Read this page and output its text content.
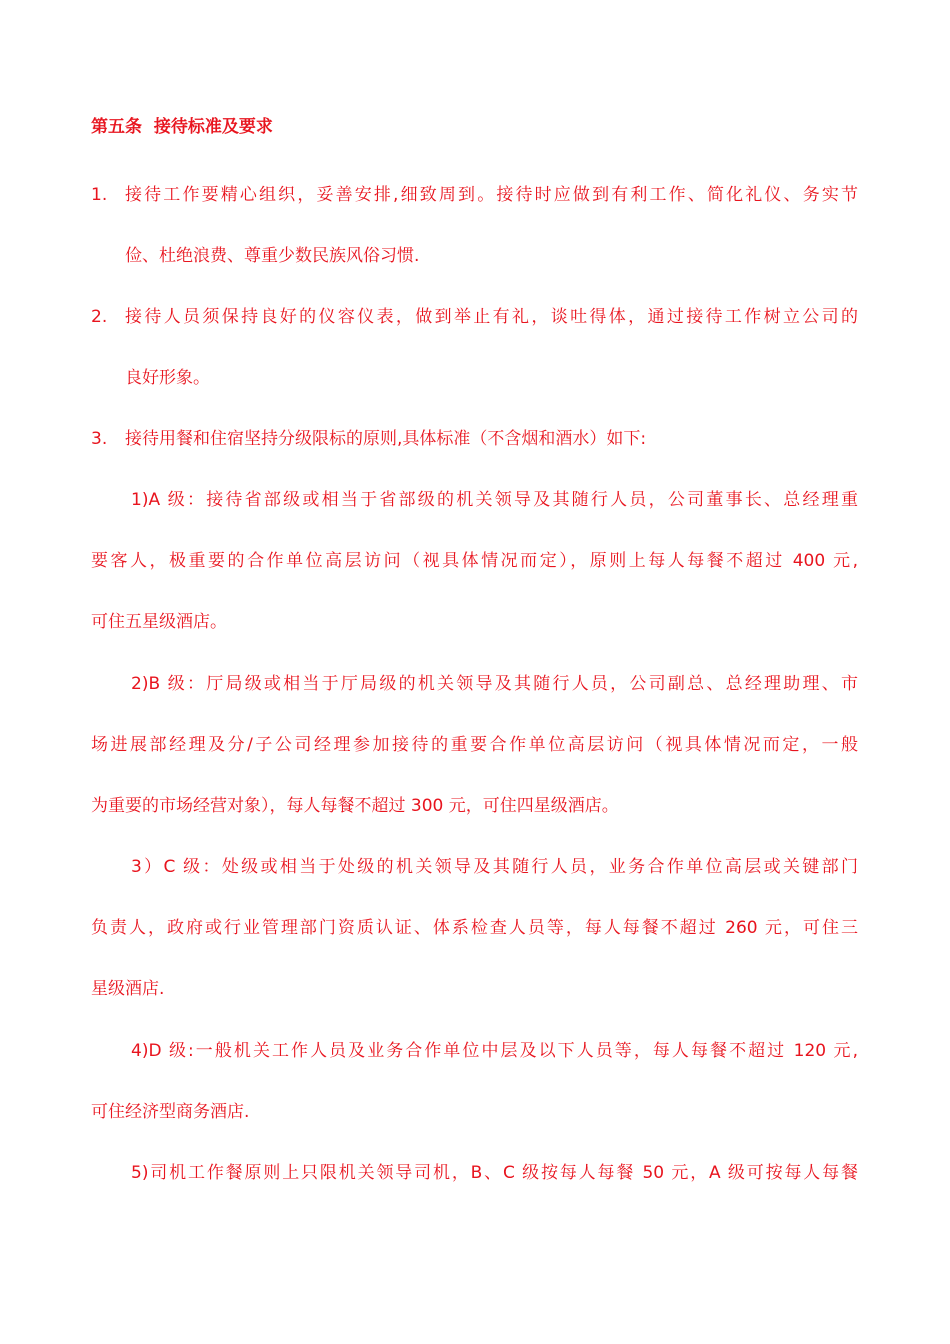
第五条  接待标准及要求
1. 接待工作要精心组织，妥善安排,细致周到。接待时应做到有利工作、简化礼仪、务实节
俭、杜绝浪费、尊重少数民族风俗习惯.
2. 接待人员须保持良好的仪容仪表，做到举止有礼，谈吐得体，通过接待工作树立公司的
良好形象。
3. 接待用餐和住宿坚持分级限标的原则,具体标准（不含烟和酒水）如下:
1)A 级：接待省部级或相当于省部级的机关领导及其随行人员，公司董事长、总经理重
要客人，极重要的合作单位高层访问（视具体情况而定），原则上每人每餐不超过 400 元,
可住五星级酒店。
2)B 级：厅局级或相当于厅局级的机关领导及其随行人员，公司副总、总经理助理、市
场进展部经理及分/子公司经理参加接待的重要合作单位高层访问（视具体情况而定，一般
为重要的市场经营对象），每人每餐不超过 300 元，可住四星级酒店。
3）C 级：处级或相当于处级的机关领导及其随行人员，业务合作单位高层或关键部门
负责人，政府或行业管理部门资质认证、体系检查人员等，每人每餐不超过 260 元，可住三
星级酒店.
4)D 级:一般机关工作人员及业务合作单位中层及以下人员等，每人每餐不超过 120 元,
可住经济型商务酒店.
5)司机工作餐原则上只限机关领导司机，B、C 级按每人每餐 50 元，A 级可按每人每餐
